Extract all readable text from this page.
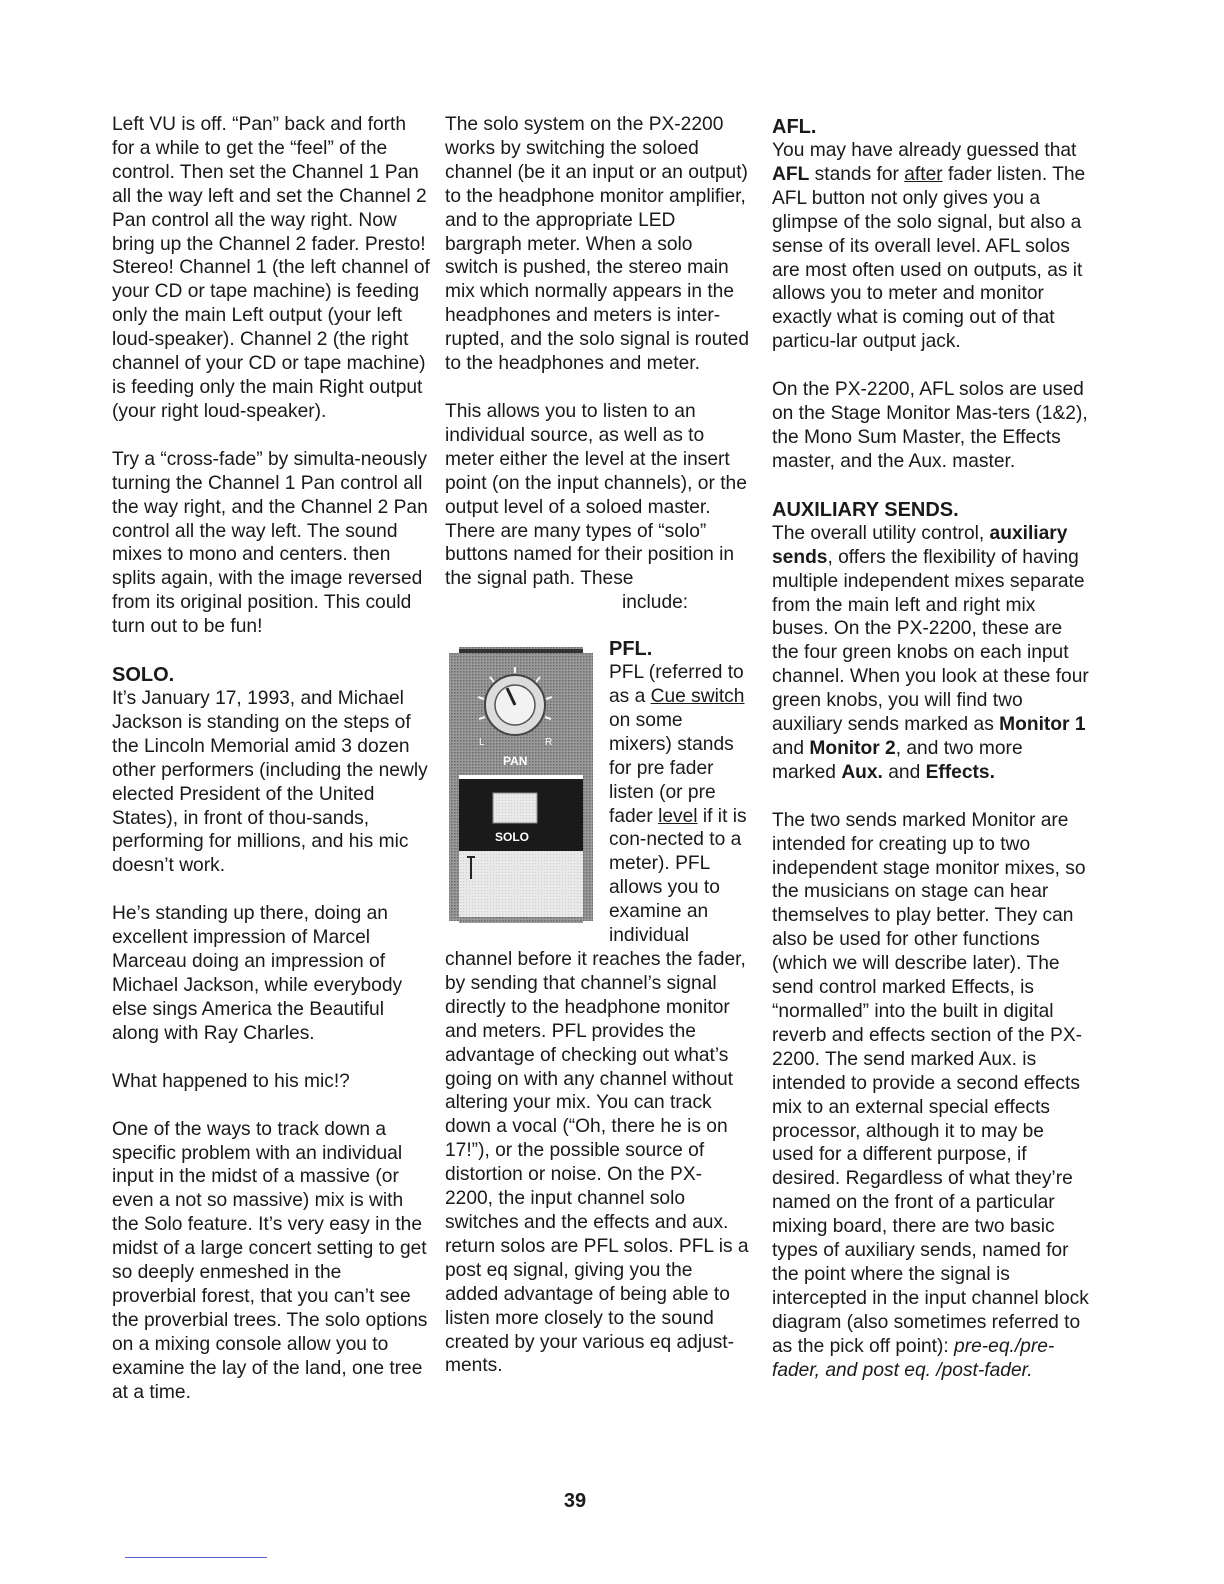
Left VU is off. “Pan” back and forth for a while to get the “feel” of the control. Then set the Channel 1 Pan all the way left and set the Channel 2 Pan control all the way right. Now bring up the Channel 2 fader. Presto! Stereo! Channel 1 (the left channel of your CD or tape machine) is feeding only the main Left output (your left loud-speaker). Channel 2 (the right channel of your CD or tape machine) is feeding only the main Right output (your right loud-speaker).

Try a “cross-fade” by simulta-neously turning the Channel 1 Pan control all the way right, and the Channel 2 Pan control all the way left. The sound mixes to mono and centers. then splits again, with the image reversed from its original position. This could turn out to be fun!

SOLO.

It’s January 17, 1993, and Michael Jackson is standing on the steps of the Lincoln Memorial amid 3 dozen other performers (including the newly elected President of the United States), in front of thou-sands, performing for millions, and his mic doesn’t work.

He’s standing up there, doing an excellent impression of Marcel Marceau doing an impression of Michael Jackson, while everybody else sings America the Beautiful along with Ray Charles.

What happened to his mic!?

One of the ways to track down a specific problem with an individual input in the midst of a massive (or even a not so massive) mix is with the Solo feature. It’s very easy in the midst of a large concert setting to get so deeply enmeshed in the proverbial forest, that you can’t see the proverbial trees. The solo options on a mixing console allow you to examine the lay of the land, one tree at a time.

The solo system on the PX-2200 works by switching the soloed channel (be it an input or an output) to the headphone monitor amplifier, and to the appropriate LED bargraph meter. When a solo switch is pushed, the stereo main mix which normally appears in the headphones and meters is inter-rupted, and the solo signal is routed to the headphones and meter.

This allows you to listen to an individual source, as well as to meter either the level at the insert point (on the input channels), or the output level of a soloed master. There are many types of “solo” buttons named for their position in the signal path. These
include:

L	R
PAN
SOLO
PFL.

PFL (referred to as a Cue switch on some mixers) stands for pre fader listen (or pre fader level if it is con-nected to a meter). PFL allows you to examine an individual channel before it reaches the fader, by sending that channel’s signal directly to the headphone monitor and meters. PFL provides the advantage of checking out what’s going on with any channel without altering your mix. You can track down a vocal (“Oh, there he is on 17!”), or the possible source of distortion or noise. On the PX-2200, the input channel solo switches and the effects and aux. return solos are PFL solos. PFL is a post eq signal, giving you the added advantage of being able to listen more closely to the sound created by your various eq adjust-ments.

AFL.

You may have already guessed that AFL stands for after fader listen. The AFL button not only gives you a glimpse of the solo signal, but also a sense of its overall level. AFL solos are most often used on outputs, as it allows you to meter and monitor exactly what is coming out of that particu-lar output jack.

On the PX-2200, AFL solos are used on the Stage Monitor Mas-ters (1&2), the Mono Sum Master, the Effects master, and the Aux. master.

AUXILIARY SENDS.

The overall utility control, auxiliary sends, offers the flexibility of having multiple independent mixes separate from the main left and right mix buses. On the PX-2200, these are the four green knobs on each input channel. When you look at these four green knobs, you will find two auxiliary sends marked as Monitor 1 and Monitor 2, and two more marked Aux. and Effects.

The two sends marked Monitor are intended for creating up to two independent stage monitor mixes, so the musicians on stage can hear themselves to play better. They can also be used for other functions (which we will describe later). The send control marked Effects, is “normalled” into the built in digital reverb and effects section of the PX-2200. The send marked Aux. is intended to provide a second effects mix to an external special effects processor, although it to may be used for a different purpose, if desired. Regardless of what they’re named on the front of a particular mixing board, there are two basic types of auxiliary sends, named for the point where the signal is intercepted in the input channel block diagram (also sometimes referred to as the pick off point): pre-eq./pre-fader, and post eq. /post-fader.

39
